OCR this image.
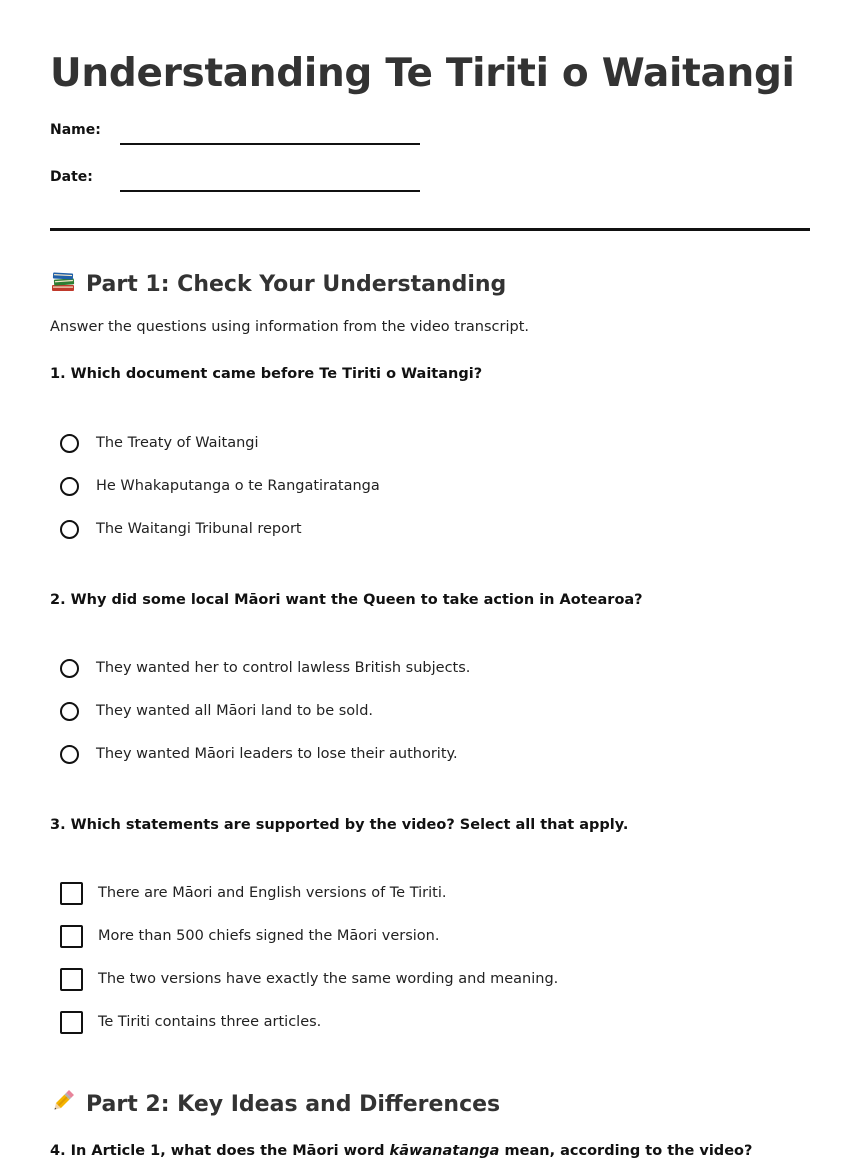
Understanding Te Tiriti o Waitangi
Name:
Date:
Part 1: Check Your Understanding
Answer the questions using information from the video transcript.
1. Which document came before Te Tiriti o Waitangi?
The Treaty of Waitangi
He Whakaputanga o te Rangatiratanga
The Waitangi Tribunal report
2. Why did some local Māori want the Queen to take action in Aotearoa?
They wanted her to control lawless British subjects.
They wanted all Māori land to be sold.
They wanted Māori leaders to lose their authority.
3. Which statements are supported by the video? Select all that apply.
There are Māori and English versions of Te Tiriti.
More than 500 chiefs signed the Māori version.
The two versions have exactly the same wording and meaning.
Te Tiriti contains three articles.
Part 2: Key Ideas and Differences
4. In Article 1, what does the Māori word kāwanatanga mean, according to the video?
